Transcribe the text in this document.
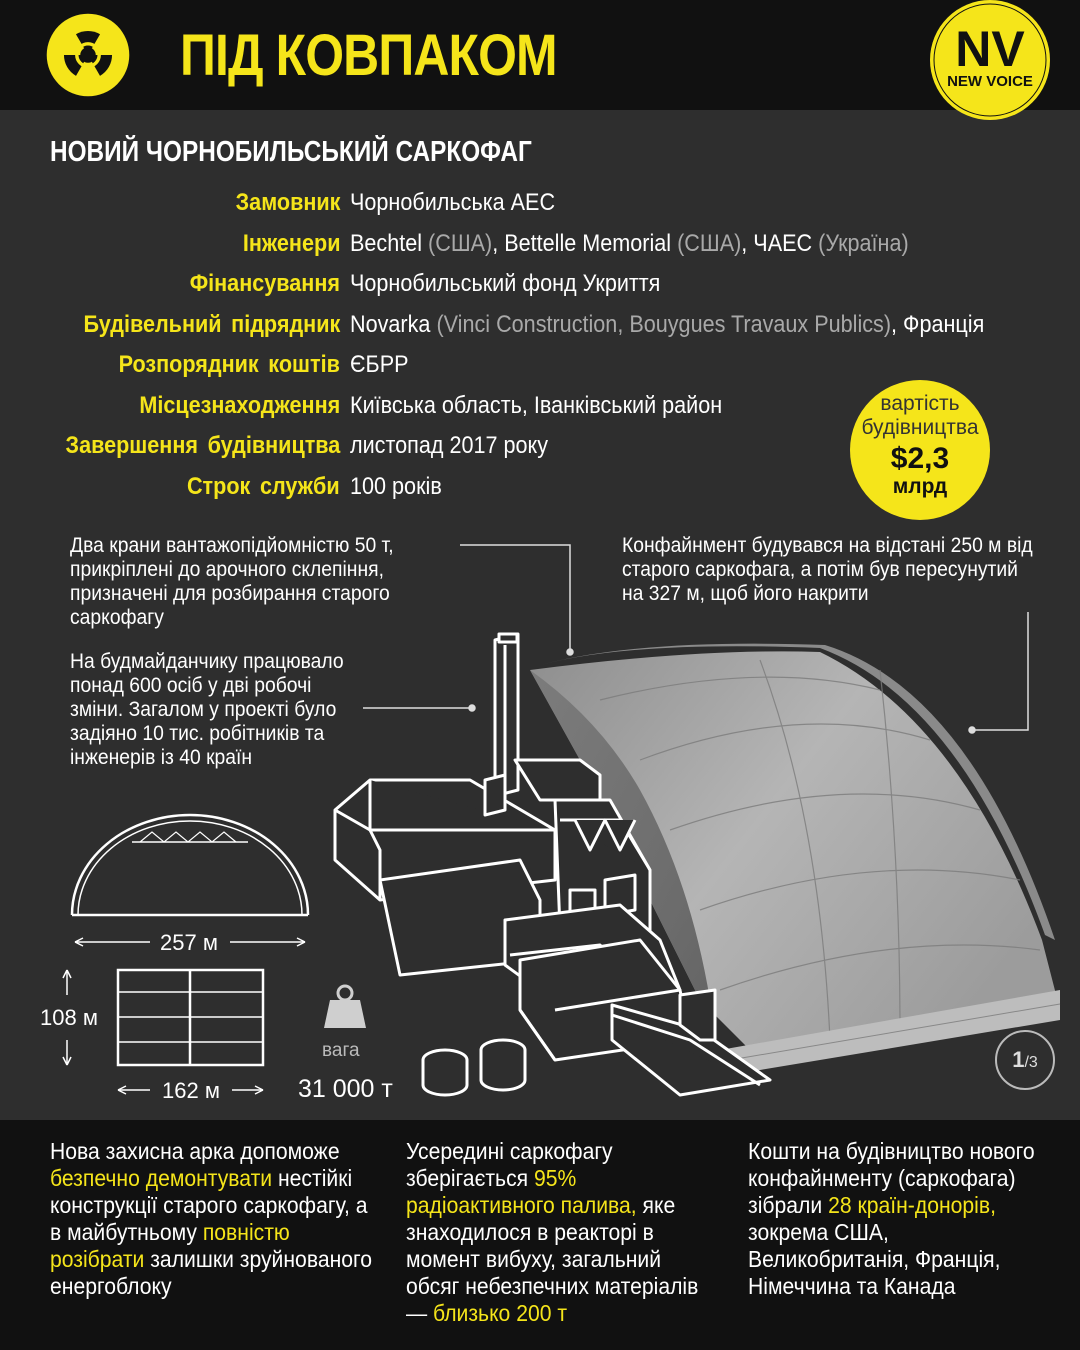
ПІД КОВПАКОМ	NV
NEW VOICE
НОВИЙ ЧОРНОБИЛЬСЬКИЙ САРКОФАГ
Замовник Чорнобильська АЕС
Інженери Bechtel (США), Bettelle Memorial (США), ЧАЕС (Україна)
Фінансування Чорнобильський фонд Укриття
Будівельний підрядник Novarka (Vinci Construction, Bouygues Travaux Publics), Франція
Розпорядник коштів ЄБРР
Місцезнаходження Київська область, Іванківський район
Завершення будівництва листопад 2017 року
Строк служби 100 років
вартість
будівництва
$2,3
млрд
Два крани вантажопідйомністю 50 т, прикріплені до арочного склепіння, призначені для розбирання старого саркофагу
На будмайданчику працювало понад 600 осіб у дві робочі зміни. Загалом у проекті було задіяно 10 тис. робітників та інженерів із 40 країн
Конфайнмент будувався на відстані 250 м від старого саркофага, а потім був пересунутий на 327 м, щоб його накрити
257 м
108 м
162 м
вага
31 000 т
1/3
Нова захисна арка допоможе безпечно демонтувати нестійкі конструкції старого саркофагу, а в майбутньому повністю розібрати залишки зруйнованого енергоблоку
Усередині саркофагу зберігається 95% радіоактивного палива, яке знаходилося в реакторі в момент вибуху, загальний обсяг небезпечних матеріалів — близько 200 т
Кошти на будівництво нового конфайнменту (саркофага) зібрали 28 країн-донорів, зокрема США, Великобританія, Франція, Німеччина та Канада
